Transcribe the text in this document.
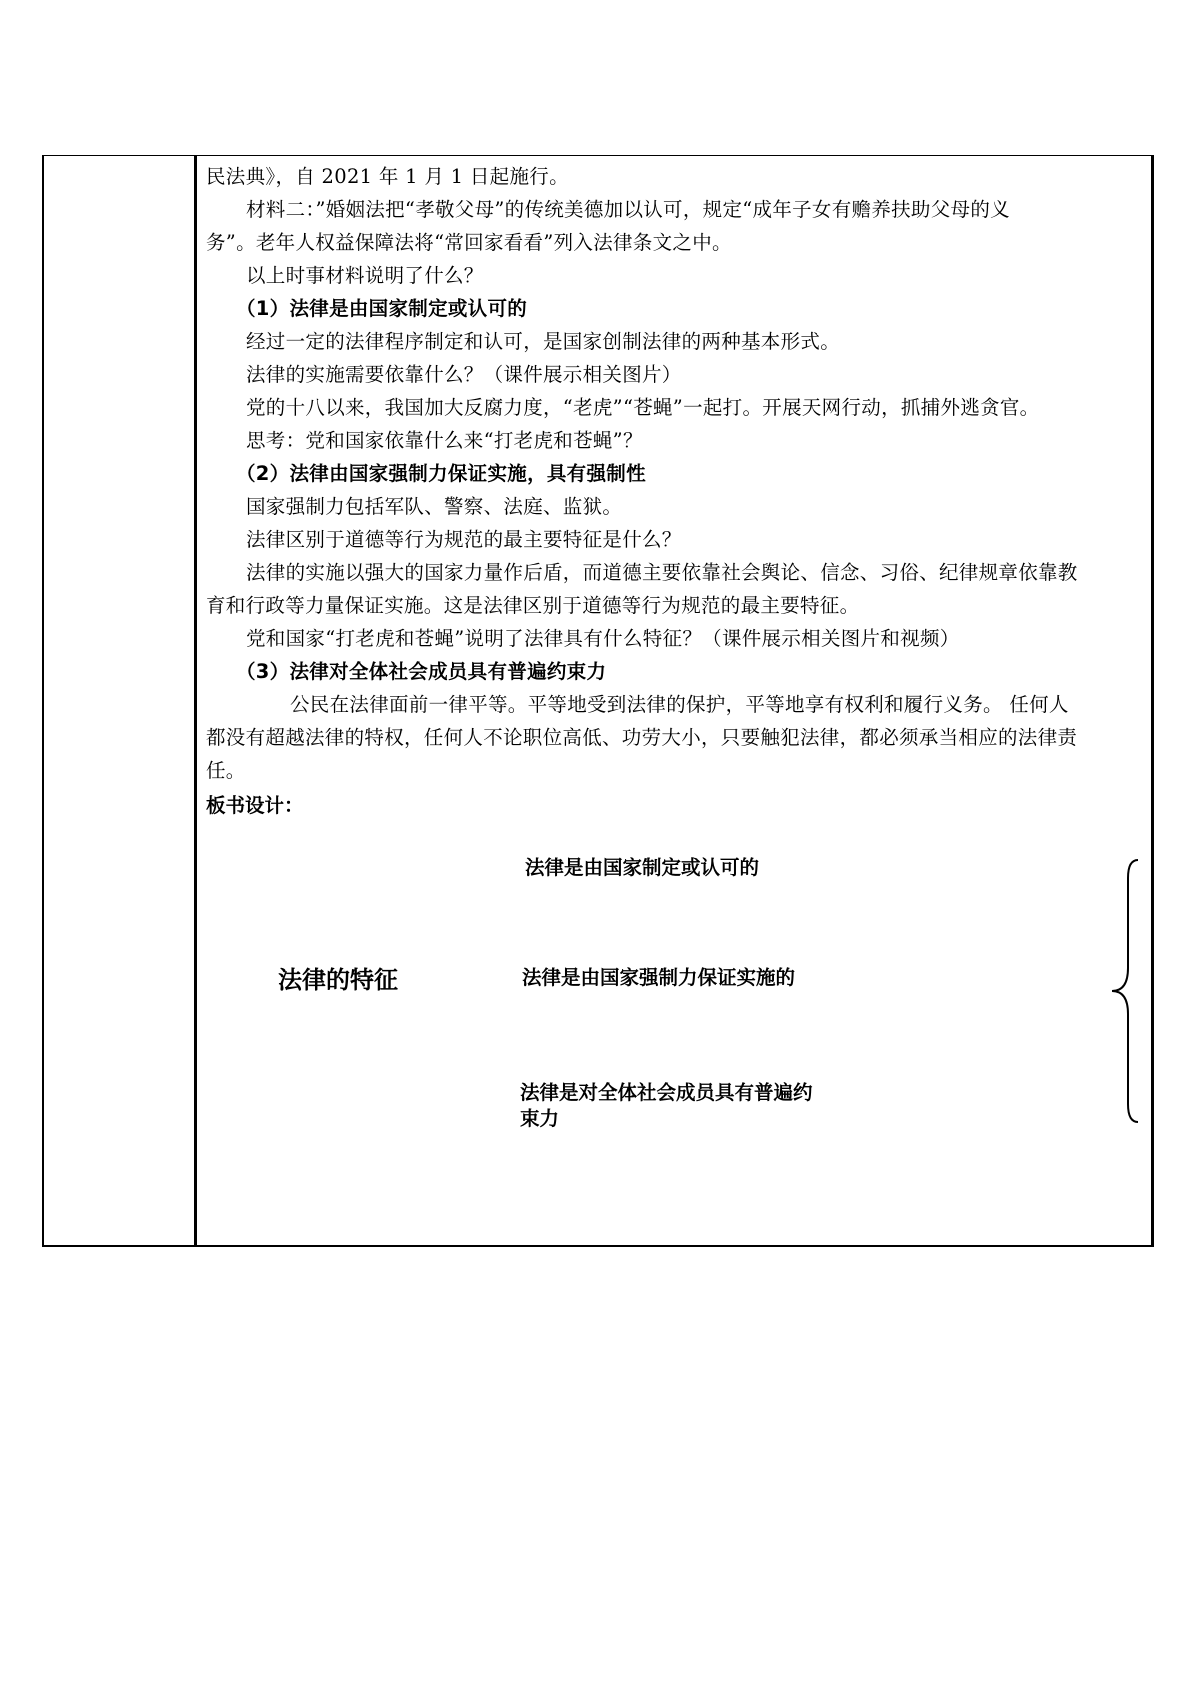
民法典》，自 2021 年 1 月 1 日起施行。
材料二：”婚姻法把“孝敬父母”的传统美德加以认可，规定“成年子女有赡养扶助父母的义
务”。老年人权益保障法将“常回家看看”列入法律条文之中。
以上时事材料说明了什么？
（1）法律是由国家制定或认可的
经过一定的法律程序制定和认可，是国家创制法律的两种基本形式。
法律的实施需要依靠什么？（课件展示相关图片）
党的十八以来，我国加大反腐力度，“老虎”“苍蝇”一起打。开展天网行动，抓捕外逃贪官。
思考：党和国家依靠什么来“打老虎和苍蝇”？
（2）法律由国家强制力保证实施，具有强制性
国家强制力包括军队、警察、法庭、监狱。
法律区别于道德等行为规范的最主要特征是什么？
法律的实施以强大的国家力量作后盾，而道德主要依靠社会舆论、信念、习俗、纪律规章依靠教
育和行政等力量保证实施。这是法律区别于道德等行为规范的最主要特征。
党和国家“打老虎和苍蝇”说明了法律具有什么特征？（课件展示相关图片和视频）
（3）法律对全体社会成员具有普遍约束力
公民在法律面前一律平等。平等地受到法律的保护，平等地享有权利和履行义务。 任何人
都没有超越法律的特权，任何人不论职位高低、功劳大小，只要触犯法律，都必须承当相应的法律责
任。
板书设计：
法律的特征
法律是由国家制定或认可的
法律是由国家强制力保证实施的
法律是对全体社会成员具有普遍约
束力
